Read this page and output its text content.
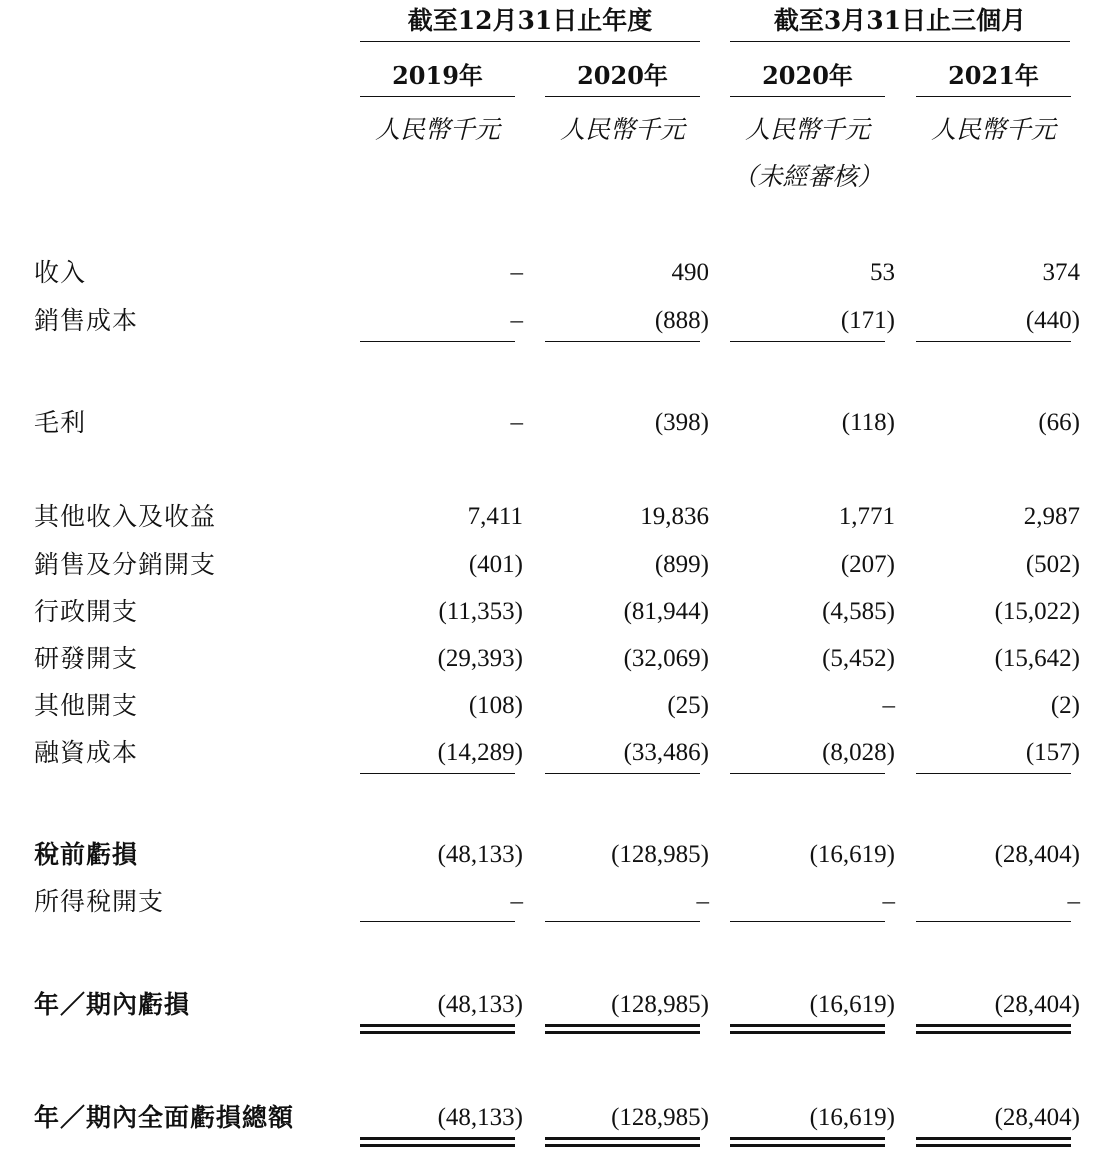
截至12月31日止年度	截至3月31日止三個月
2019年	2020年	2020年	2021年
人民幣千元	人民幣千元	人民幣千元	人民幣千元
（未經審核）
收入	–	490	53	374
銷售成本	–	(888)	(171)	(440)
毛利	–	(398)	(118)	(66)
其他收入及收益	7,411	19,836	1,771	2,987
銷售及分銷開支	(401)	(899)	(207)	(502)
行政開支	(11,353)	(81,944)	(4,585)	(15,022)
研發開支	(29,393)	(32,069)	(5,452)	(15,642)
其他開支	(108)	(25)	–	(2)
融資成本	(14,289)	(33,486)	(8,028)	(157)
稅前虧損	(48,133)	(128,985)	(16,619)	(28,404)
所得稅開支	–	–	–	–
年／期內虧損	(48,133)	(128,985)	(16,619)	(28,404)
年／期內全面虧損總額	(48,133)	(128,985)	(16,619)	(28,404)
